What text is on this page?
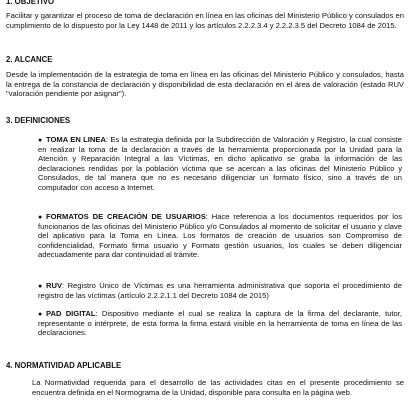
1. OBJETIVO
Facilitar y garantizar el proceso de toma de declaración en línea en las oficinas del Ministerio Público y consulados en cumplimiento de lo dispuesto por la Ley 1448 de 2011 y los artículos 2.2.2.3.4 y 2.2.2.3.5 del Decreto 1084 de 2015.
2. ALCANCE
Desde la implementación de la estrategia de toma en línea en las oficinas del Ministerio Público y consulados, hasta la entrega de la constancia de declaración y disponibilidad de esta declaración en el área de valoración (estado RUV "valoración pendiente por asignar").
3. DEFINICIONES
● TOMA EN LINEA: Es la estrategia definida por la Subdirección de Valoración y Registro, la cual consiste en realizar la toma de la declaración a través de la herramienta proporcionada por la Unidad para la Atención y Reparación Integral a las Víctimas, en dicho aplicativo se graba la información de las declaraciones rendidas por la población víctima que se acercan a las oficinas del Ministerio Público y Consulados, de tal manera que no es necesario diligenciar un formato físico, sino a través de un computador con acceso a Internet.
● FORMATOS DE CREACIÓN DE USUARIOS: Hace referencia a los documentos requeridos por los funcionarios de las oficinas del Ministerio Público y/o Consulados al momento de solicitar el usuario y clave del aplicativo para la Toma en Línea. Los formatos de creación de usuarios son Compromiso de confidencialidad, Formato firma usuario y Formato gestión usuarios, los cuales se deben diligenciar adecuadamente para dar continuidad al trámite.
● RUV: Registro Único de Víctimas es una herramienta administrativa que soporta el procedimiento de registro de las víctimas (artículo 2.2.2.1.1 del Decreto 1084 de 2015)
● PAD DIGITAL: Dispositivo mediante el cual se realiza la captura de la firma del declarante, tutor, representante o intérprete, de esta forma la firma estará visible en la herramienta de toma en línea de las declaraciones.
4. NORMATIVIDAD APLICABLE
La Normatividad requerida para el desarrollo de las actividades citas en el presente procedimiento se encuentra definida en el Normograma de la Unidad, disponible para consulta en la página web.
